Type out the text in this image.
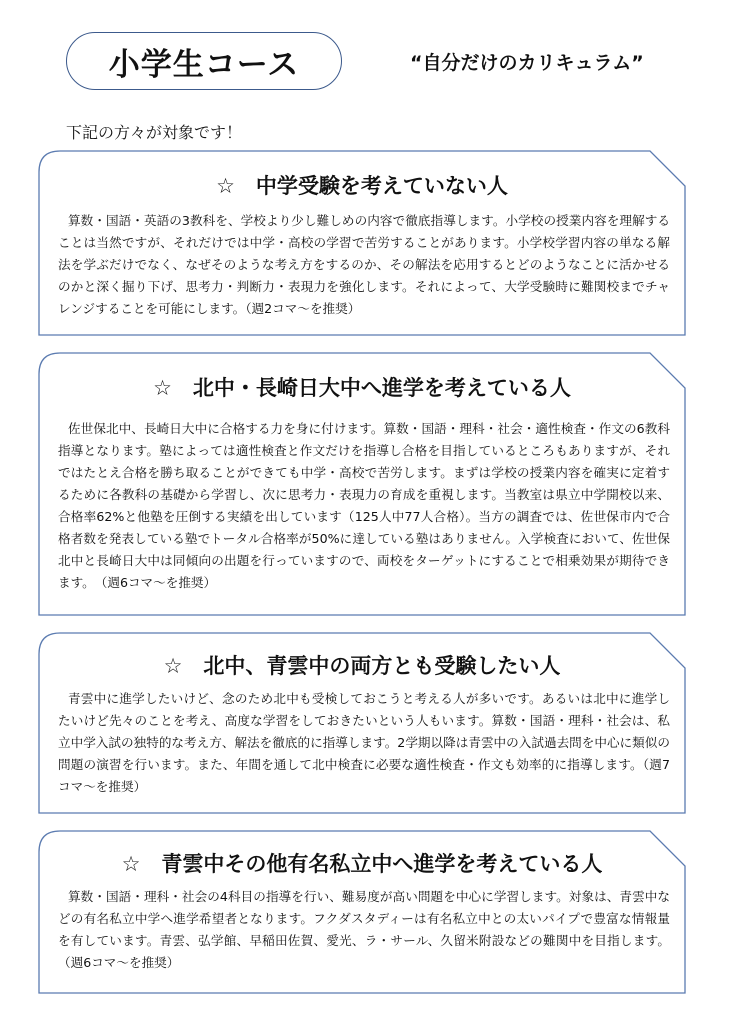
小学生コース	“自分だけのカリキュラム”
下記の方々が対象です！
☆　中学受験を考えていない人

算数・国語・英語の3教科を、学校より少し難しめの内容で徹底指導します。小学校の授業内容を理解することは当然ですが、それだけでは中学・高校の学習で苦労することがあります。小学校学習内容の単なる解法を学ぶだけでなく、なぜそのような考え方をするのか、その解法を応用するとどのようなことに活かせるのかと深く掘り下げ、思考力・判断力・表現力を強化します。それによって、大学受験時に難関校までチャレンジすることを可能にします。（週2コマ～を推奨）

☆　北中・長崎日大中へ進学を考えている人

佐世保北中、長崎日大中に合格する力を身に付けます。算数・国語・理科・社会・適性検査・作文の6教科指導となります。塾によっては適性検査と作文だけを指導し合格を目指しているところもありますが、それではたとえ合格を勝ち取ることができても中学・高校で苦労します。まずは学校の授業内容を確実に定着するために各教科の基礎から学習し、次に思考力・表現力の育成を重視します。当教室は県立中学開校以来、合格率62%と他塾を圧倒する実績を出しています（125人中77人合格）。当方の調査では、佐世保市内で合格者数を発表している塾でトータル合格率が50%に達している塾はありません。入学検査において、佐世保北中と長崎日大中は同傾向の出題を行っていますので、両校をターゲットにすることで相乗効果が期待できます。　（週6コマ～を推奨）

☆　北中、青雲中の両方とも受験したい人

青雲中に進学したいけど、念のため北中も受検しておこうと考える人が多いです。あるいは北中に進学したいけど先々のことを考え、高度な学習をしておきたいという人もいます。算数・国語・理科・社会は、私立中学入試の独特的な考え方、解法を徹底的に指導します。2学期以降は青雲中の入試過去問を中心に類似の問題の演習を行います。また、年間を通して北中検査に必要な適性検査・作文も効率的に指導します。（週7コマ～を推奨）

☆　青雲中その他有名私立中へ進学を考えている人

算数・国語・理科・社会の4科目の指導を行い、難易度が高い問題を中心に学習します。対象は、青雲中などの有名私立中学へ進学希望者となります。フクダスタディーは有名私立中との太いパイプで豊富な情報量を有しています。青雲、弘学館、早稲田佐賀、愛光、ラ・サール、久留米附設などの難関中を目指します。（週6コマ～を推奨）
